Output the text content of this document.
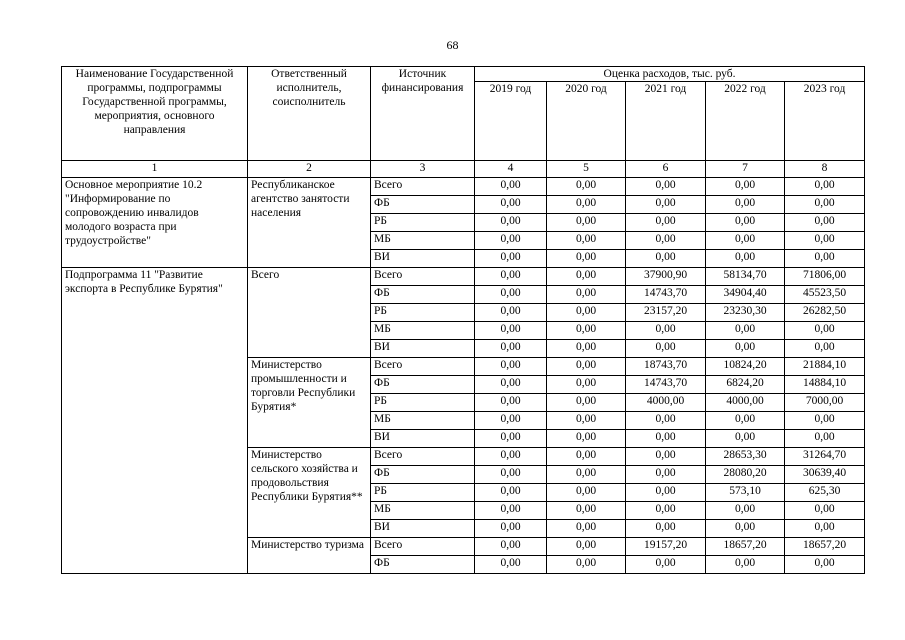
68
Наименование Государственной программы, подпрограммы Государственной программы, мероприятия, основного направления	Ответственный исполнитель, соисполнитель	Источник финансирования	Оценка расходов, тыс. руб.				
			2019 год	2020 год	2021 год	2022 год	2023 год
1	2	3	4	5	6	7	8
Основное мероприятие 10.2 "Информирование по сопровождению инвалидов молодого возраста при трудоустройстве"	Республиканское агентство занятости населения	Всего	0,00	0,00	0,00	0,00	0,00
		ФБ	0,00	0,00	0,00	0,00	0,00
		РБ	0,00	0,00	0,00	0,00	0,00
		МБ	0,00	0,00	0,00	0,00	0,00
		ВИ	0,00	0,00	0,00	0,00	0,00
Подпрограмма 11 "Развитие экспорта в Республике Бурятия"	Всего	Всего	0,00	0,00	37900,90	58134,70	71806,00
		ФБ	0,00	0,00	14743,70	34904,40	45523,50
		РБ	0,00	0,00	23157,20	23230,30	26282,50
		МБ	0,00	0,00	0,00	0,00	0,00
		ВИ	0,00	0,00	0,00	0,00	0,00
	Министерство промышленности и торговли Республики Бурятия*	Всего	0,00	0,00	18743,70	10824,20	21884,10
		ФБ	0,00	0,00	14743,70	6824,20	14884,10
		РБ	0,00	0,00	4000,00	4000,00	7000,00
		МБ	0,00	0,00	0,00	0,00	0,00
		ВИ	0,00	0,00	0,00	0,00	0,00
	Министерство сельского хозяйства и продовольствия Республики Бурятия**	Всего	0,00	0,00	0,00	28653,30	31264,70
		ФБ	0,00	0,00	0,00	28080,20	30639,40
		РБ	0,00	0,00	0,00	573,10	625,30
		МБ	0,00	0,00	0,00	0,00	0,00
		ВИ	0,00	0,00	0,00	0,00	0,00
	Министерство туризма	Всего	0,00	0,00	19157,20	18657,20	18657,20
		ФБ	0,00	0,00	0,00	0,00	0,00
